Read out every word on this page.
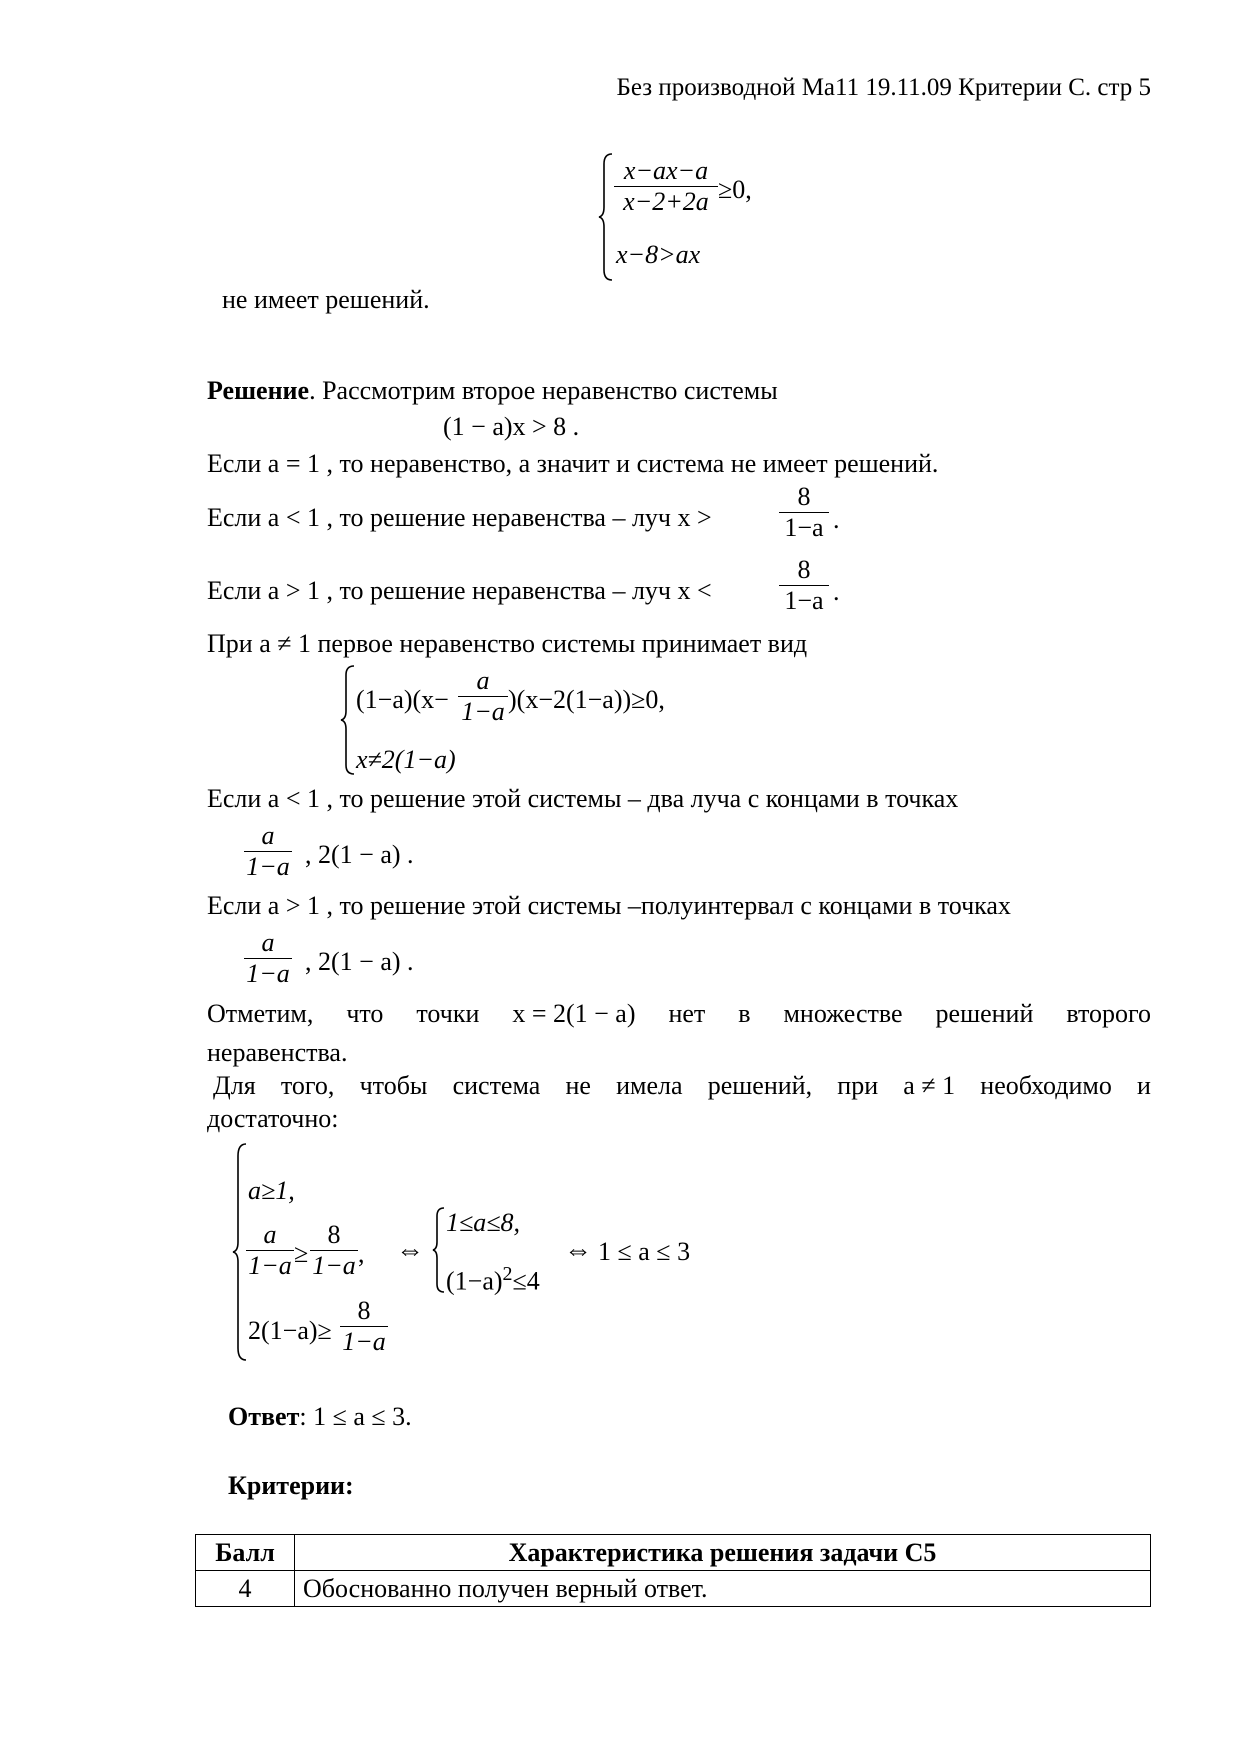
Без производной Ма11 19.11.09 Критерии С. стр 5
x−ax−a
x−2+2a ≥0,
x−8>ax
не имеет решений.
Решение. Рассмотрим второе неравенство системы
(1 − a)x > 8 .
Если a = 1 , то неравенство, а значит и система не имеет решений.
Если a < 1 , то решение неравенства – луч x >
8
1−a .
Если a > 1 , то решение неравенства – луч x <
8
1−a .
При a ≠ 1 первое неравенство системы принимает вид
(1−a)(x−
a
1−a )(x−2(1−a))≥0,
x≠2(1−a)
Если a < 1 , то решение этой системы – два луча с концами в точках
a
1−a , 2(1 − a) .
Если a > 1 , то решение этой системы –полуинтервал с концами в точках
a
1−a , 2(1 − a) .
Отметим, что точки x = 2(1 − a) нет в множестве решений второго
неравенства.
Для того, чтобы система не имела решений, при a ≠ 1 необходимо и
достаточно:
a≥1,
a
1−a ≥
8
1−a ,
2(1−a)≥
8
1−a
⇔
1≤a≤8,
$(1-a)^2\le 4$
⇔ 1 ≤ a ≤ 3
Ответ: 1 ≤ a ≤ 3.
Критерии:
Балл	Характеристика решения задачи С5
4	Обоснованно получен верный ответ.
